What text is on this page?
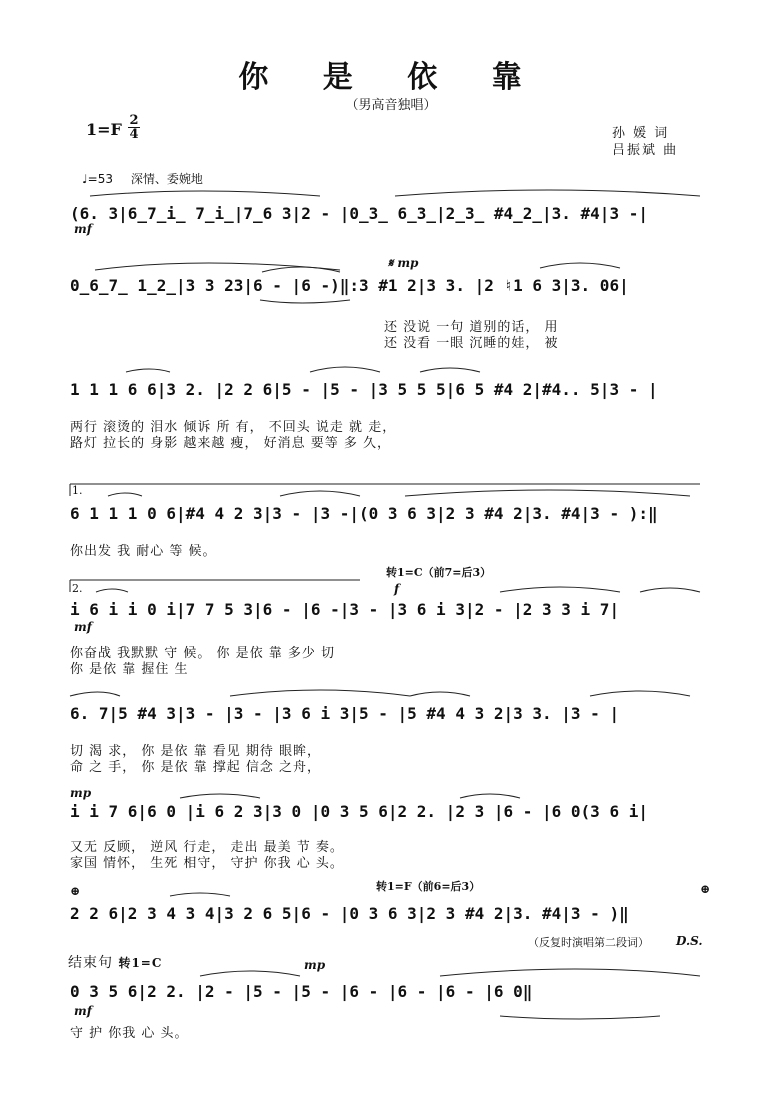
你 是 依 靠
（男高音独唱）
1=F 2
4	孙 媛 词
吕振斌 曲
♩=53 深情、委婉地
mf
(6. 3|6̲7̲i̲ 7̲i̲|7̲6 3|2 - |0̲3̲ 6̲3̲|2̲3̲ #4̲2̲|3. #4|3 -|
0̲6̲7̲ 1̲2̲|3 3 23|6 - |6 -)‖:3 #1 2|3 3. |2 ♮1 6 3|3. 06|
𝄋 mp
还 没说 一句 道别的话， 用
还 没看 一眼 沉睡的娃， 被
1 1 1 6 6|3 2. |2 2 6|5 - |5 - |3 5 5 5|6 5 #4 2|#4.. 5|3 - |
两行 滚烫的 泪水 倾诉 所 有， 不回头 说走 就 走，
路灯 拉长的 身影 越来越 瘦， 好消息 要等 多 久，
1.
6 1 1 1 0 6|#4 4 2 3|3 - |3 -|(0 3 6 3|2 3 #4 2|3. #4|3 - ):‖
你出发 我 耐心 等 候。
2.
转1=C（前7=后3）
f
i 6 i i 0 i|7 7 5 3|6 - |6 -|3 - |3 6 i 3|2 - |2 3 3 i 7|
mf
你奋战 我默默 守 候。 你 是依 靠 多少 切
你 是依 靠 握住 生
6. 7|5 #4 3|3 - |3 - |3 6 i 3|5 - |5 #4 4 3 2|3 3. |3 - |
切 渴 求， 你 是依 靠 看见 期待 眼眸，
命 之 手， 你 是依 靠 撑起 信念 之舟，
mp
i i 7 6|6 0 |i 6 2 3|3 0 |0 3 5 6|2 2. |2 3 |6 - |6 0(3 6 i|
又无 反顾， 逆风 行走， 走出 最美 节 奏。
家国 情怀， 生死 相守， 守护 你我 心 头。
⊕	转1=F（前6=后3）	⊕
2 2 6|2 3 4 3 4|3 2 6 5|6 - |0 3 6 3|2 3 #4 2|3. #4|3 - )‖
（反复时演唱第二段词） D.S.
结束句 转1=C	mp
0 3 5 6|2 2. |2 - |5 - |5 - |6 - |6 - |6 - |6 0‖
mf
守 护 你我 心 头。
